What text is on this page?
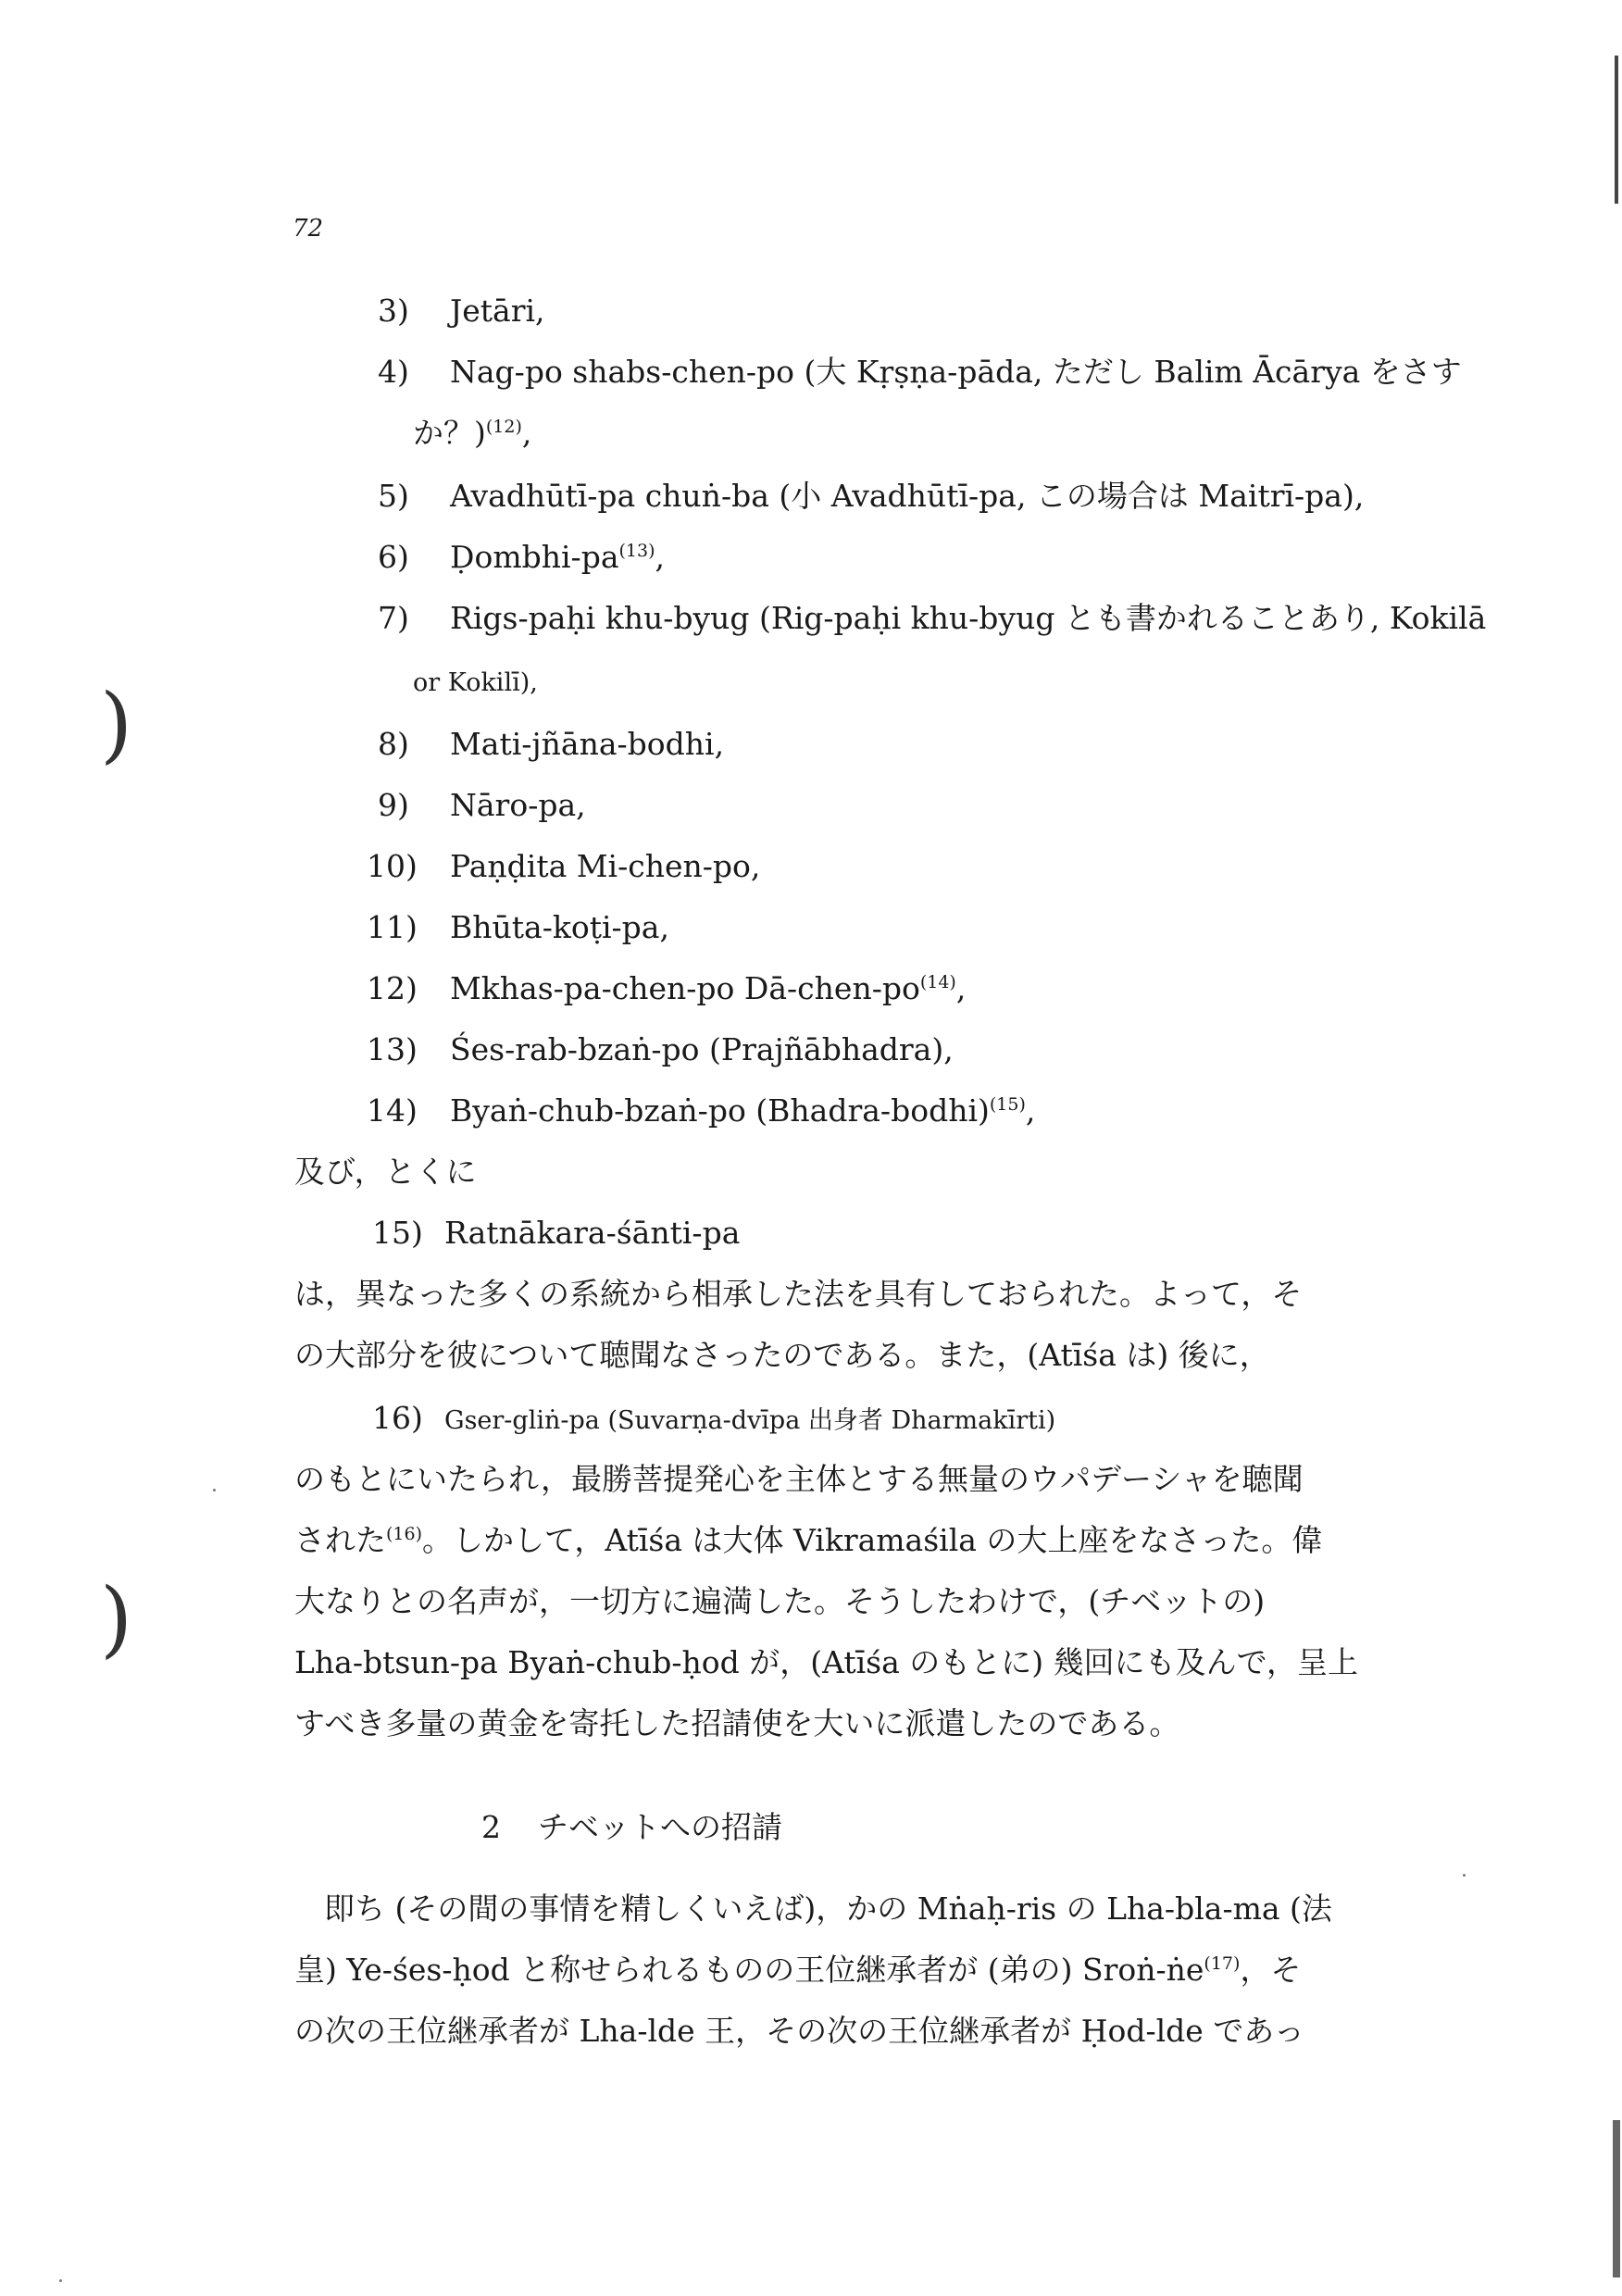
72
3) Jetāri,
4) Nag-po shabs-chen-po (大 Kṛṣṇa-pāda, ただし Balim Ācārya をさす
か？)$^{(12)}$,
5) Avadhūtī-pa chuṅ-ba (小 Avadhūtī-pa, この場合は Maitrī-pa),
6) Ḍombhi-$pa^{(13)}$,
7) Rigs-paḥi khu-byug (Rig-paḥi khu-byug とも書かれることあり, Kokilā
or Kokilī),
8) Mati-jñāna-bodhi,
9) Nāro-pa,
10) Paṇḍita Mi-chen-po,
11) Bhūta-koṭi-pa,
12) Mkhas-pa-chen-po $Dā-chen-po^{(14)}$,
13) Śes-rab-bzaṅ-po (Prajñābhadra),
14) Byaṅ-chub-bzaṅ-po (Bhadra-bodhi)$^{(15)}$,
及び，とくに
15) Ratnākara-śānti-pa
は，異なった多くの系統から相承した法を具有しておられた。よって，そ
の大部分を彼について聴聞なさったのである。また，(Atīśa は) 後に，
16) Gser-gliṅ-pa (Suvarṇa-dvīpa 出身者 Dharmakīrti)
のもとにいたられ，最勝菩提発心を主体とする無量のウパデーシャを聴聞
された$^{(16)}$。しかして，Atīśa は大体 Vikramaśila の大上座をなさった。偉
大なりとの名声が，一切方に遍満した。そうしたわけで，(チベットの)
Lha-btsun-pa Byaṅ-chub-ḥod が，(Atīśa のもとに) 幾回にも及んで，呈上
すべき多量の黄金を寄托した招請使を大いに派遣したのである。
2 チベットへの招請
即ち (その間の事情を精しくいえば)，かの Mṅaḥ-ris の Lha-bla-ma (法
皇) Ye-śes-ḥod と称せられるものの王位継承者が (弟の) Sroṅ-ṅe$^{(17)}$，そ
の次の王位継承者が Lha-lde 王，その次の王位継承者が Ḥod-lde であっ
)
)
